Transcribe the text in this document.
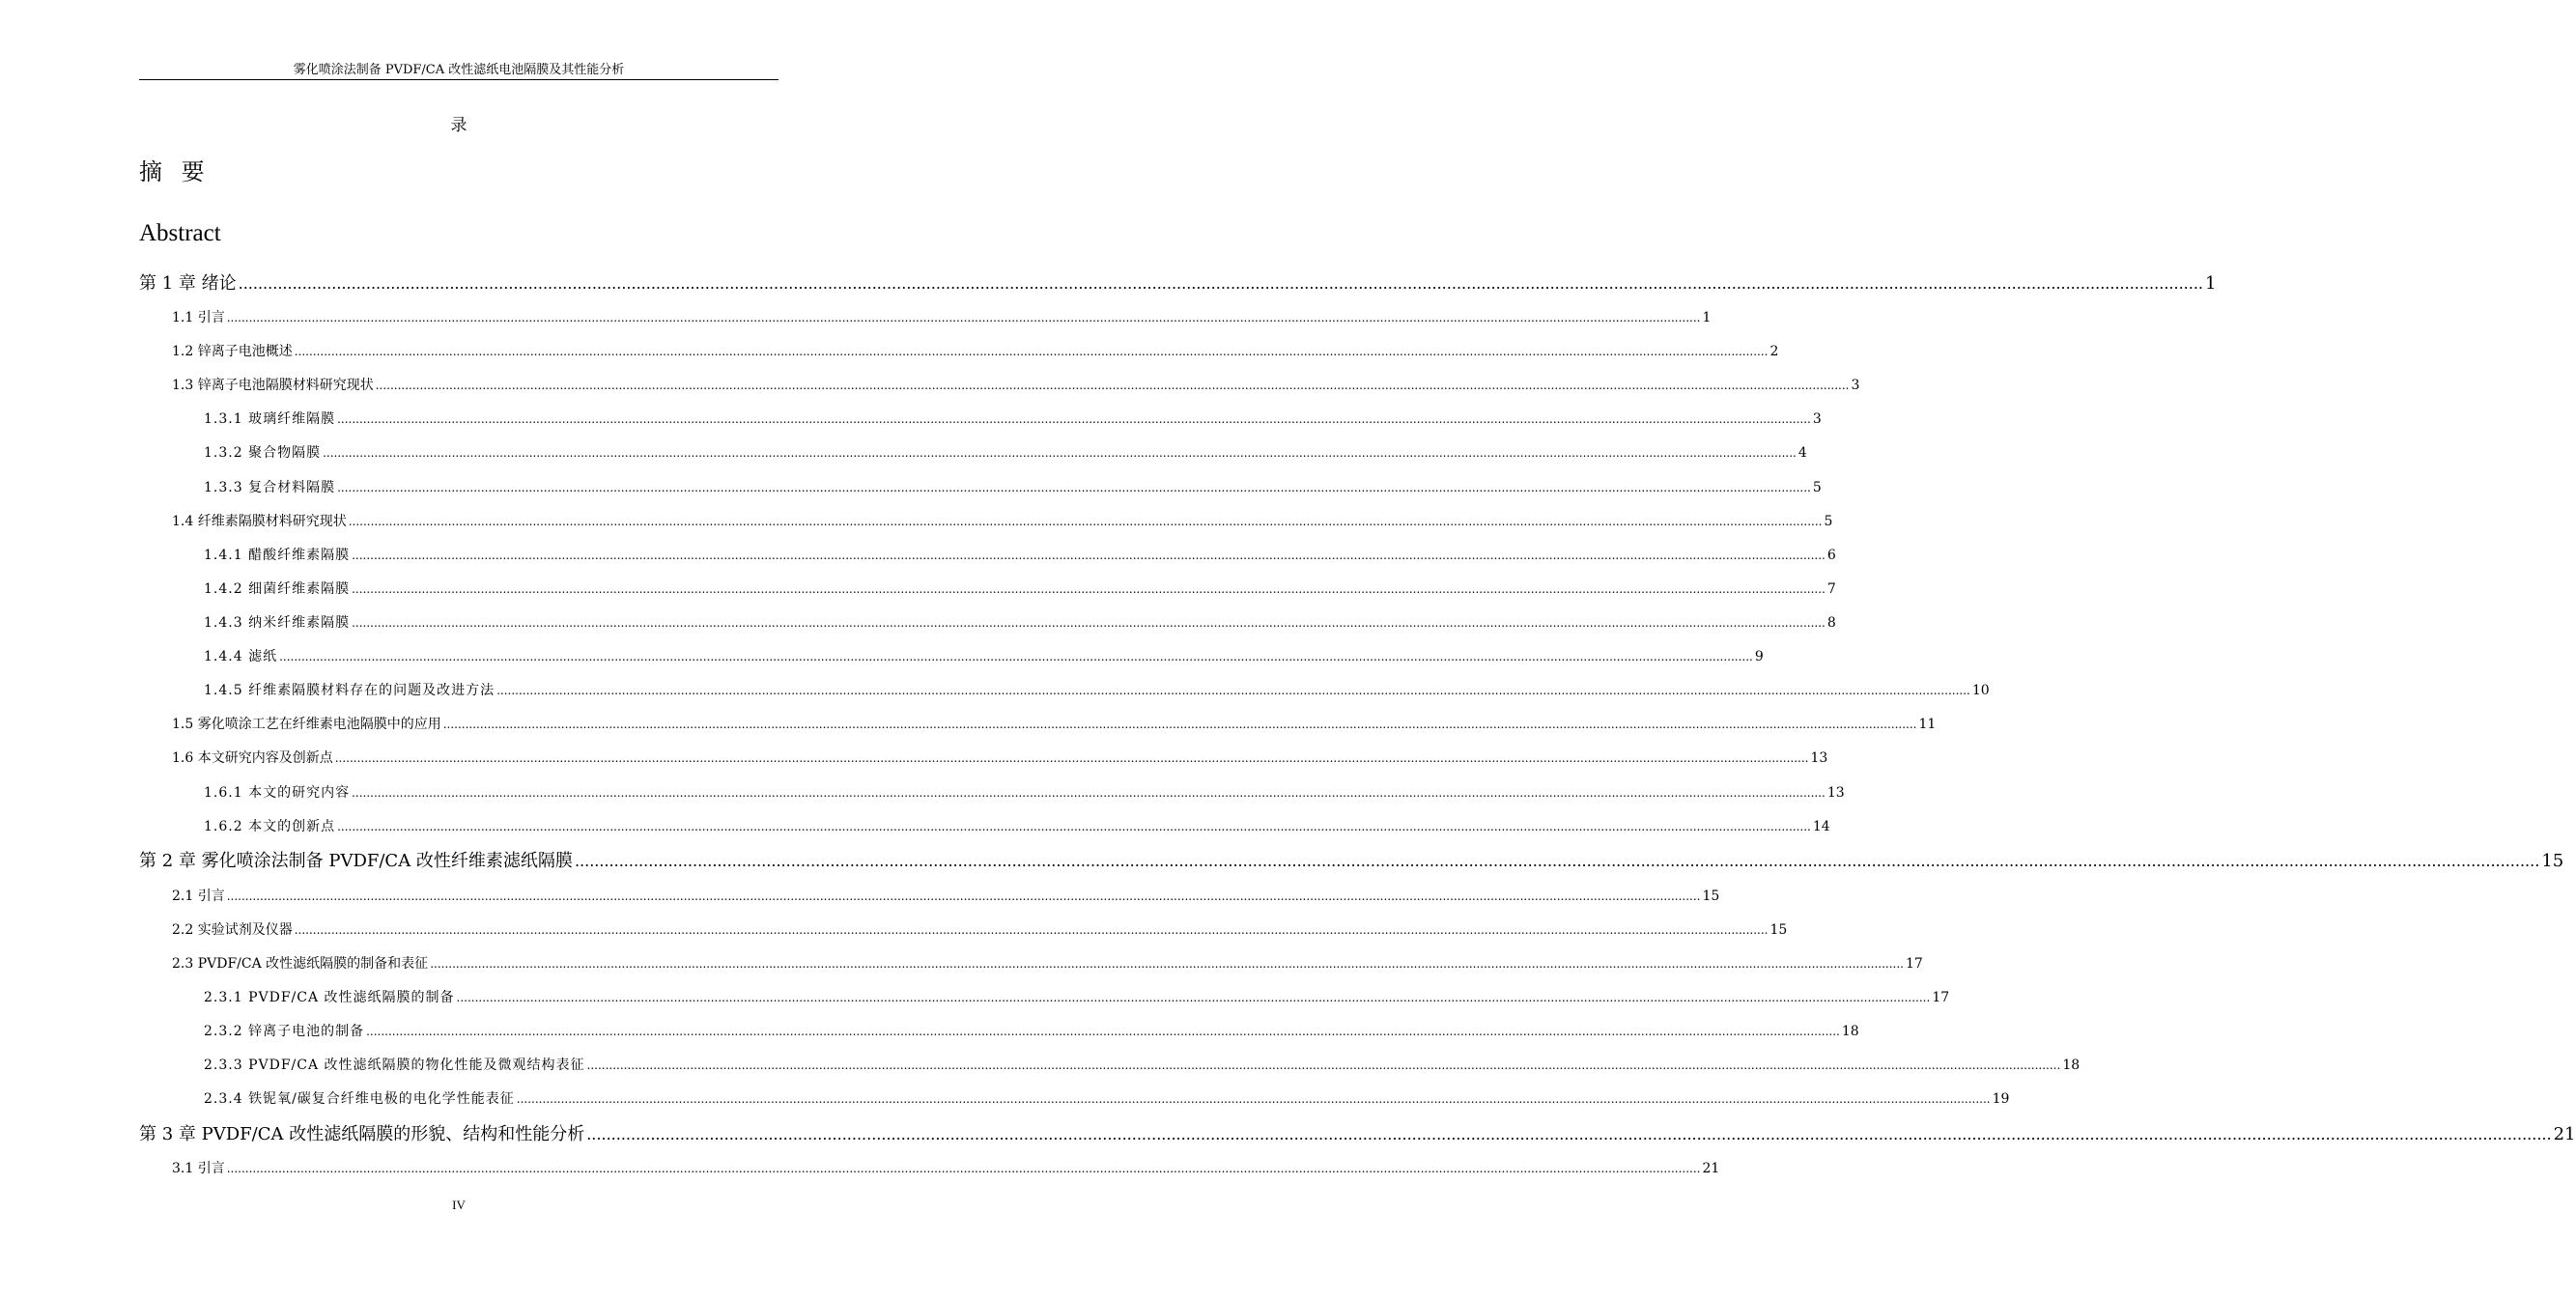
雾化喷涂法制备 PVDF/CA 改性滤纸电池隔膜及其性能分析
录
摘 要
Abstract
第 1 章 绪论 ................................................................................................................................................................................................................................................................................................................................................................................................................ 1
1.1 引言 ................................................................................................................................................................................................................................................................................................................................................................................................................ 1
1.2 锌离子电池概述 ................................................................................................................................................................................................................................................................................................................................................................................................................ 2
1.3 锌离子电池隔膜材料研究现状 ................................................................................................................................................................................................................................................................................................................................................................................................................ 3
1.3.1 玻璃纤维隔膜 ................................................................................................................................................................................................................................................................................................................................................................................................................ 3
1.3.2 聚合物隔膜 ................................................................................................................................................................................................................................................................................................................................................................................................................ 4
1.3.3 复合材料隔膜 ................................................................................................................................................................................................................................................................................................................................................................................................................ 5
1.4 纤维素隔膜材料研究现状 ................................................................................................................................................................................................................................................................................................................................................................................................................ 5
1.4.1 醋酸纤维素隔膜 ................................................................................................................................................................................................................................................................................................................................................................................................................ 6
1.4.2 细菌纤维素隔膜 ................................................................................................................................................................................................................................................................................................................................................................................................................ 7
1.4.3 纳米纤维素隔膜 ................................................................................................................................................................................................................................................................................................................................................................................................................ 8
1.4.4 滤纸 ................................................................................................................................................................................................................................................................................................................................................................................................................ 9
1.4.5 纤维素隔膜材料存在的问题及改进方法 ................................................................................................................................................................................................................................................................................................................................................................................................................ 10
1.5 雾化喷涂工艺在纤维素电池隔膜中的应用 ................................................................................................................................................................................................................................................................................................................................................................................................................ 11
1.6 本文研究内容及创新点 ................................................................................................................................................................................................................................................................................................................................................................................................................ 13
1.6.1 本文的研究内容 ................................................................................................................................................................................................................................................................................................................................................................................................................ 13
1.6.2 本文的创新点 ................................................................................................................................................................................................................................................................................................................................................................................................................ 14
第 2 章 雾化喷涂法制备 PVDF/CA 改性纤维素滤纸隔膜 ................................................................................................................................................................................................................................................................................................................................................................................................................ 15
2.1 引言 ................................................................................................................................................................................................................................................................................................................................................................................................................ 15
2.2 实验试剂及仪器 ................................................................................................................................................................................................................................................................................................................................................................................................................ 15
2.3 PVDF/CA 改性滤纸隔膜的制备和表征 ................................................................................................................................................................................................................................................................................................................................................................................................................ 17
2.3.1 PVDF/CA 改性滤纸隔膜的制备 ................................................................................................................................................................................................................................................................................................................................................................................................................ 17
2.3.2 锌离子电池的制备 ................................................................................................................................................................................................................................................................................................................................................................................................................ 18
2.3.3 PVDF/CA 改性滤纸隔膜的物化性能及微观结构表征 ................................................................................................................................................................................................................................................................................................................................................................................................................ 18
2.3.4 铁铌氧/碳复合纤维电极的电化学性能表征 ................................................................................................................................................................................................................................................................................................................................................................................................................ 19
第 3 章 PVDF/CA 改性滤纸隔膜的形貌、结构和性能分析 ................................................................................................................................................................................................................................................................................................................................................................................................................ 21
3.1 引言 ................................................................................................................................................................................................................................................................................................................................................................................................................ 21
IV
